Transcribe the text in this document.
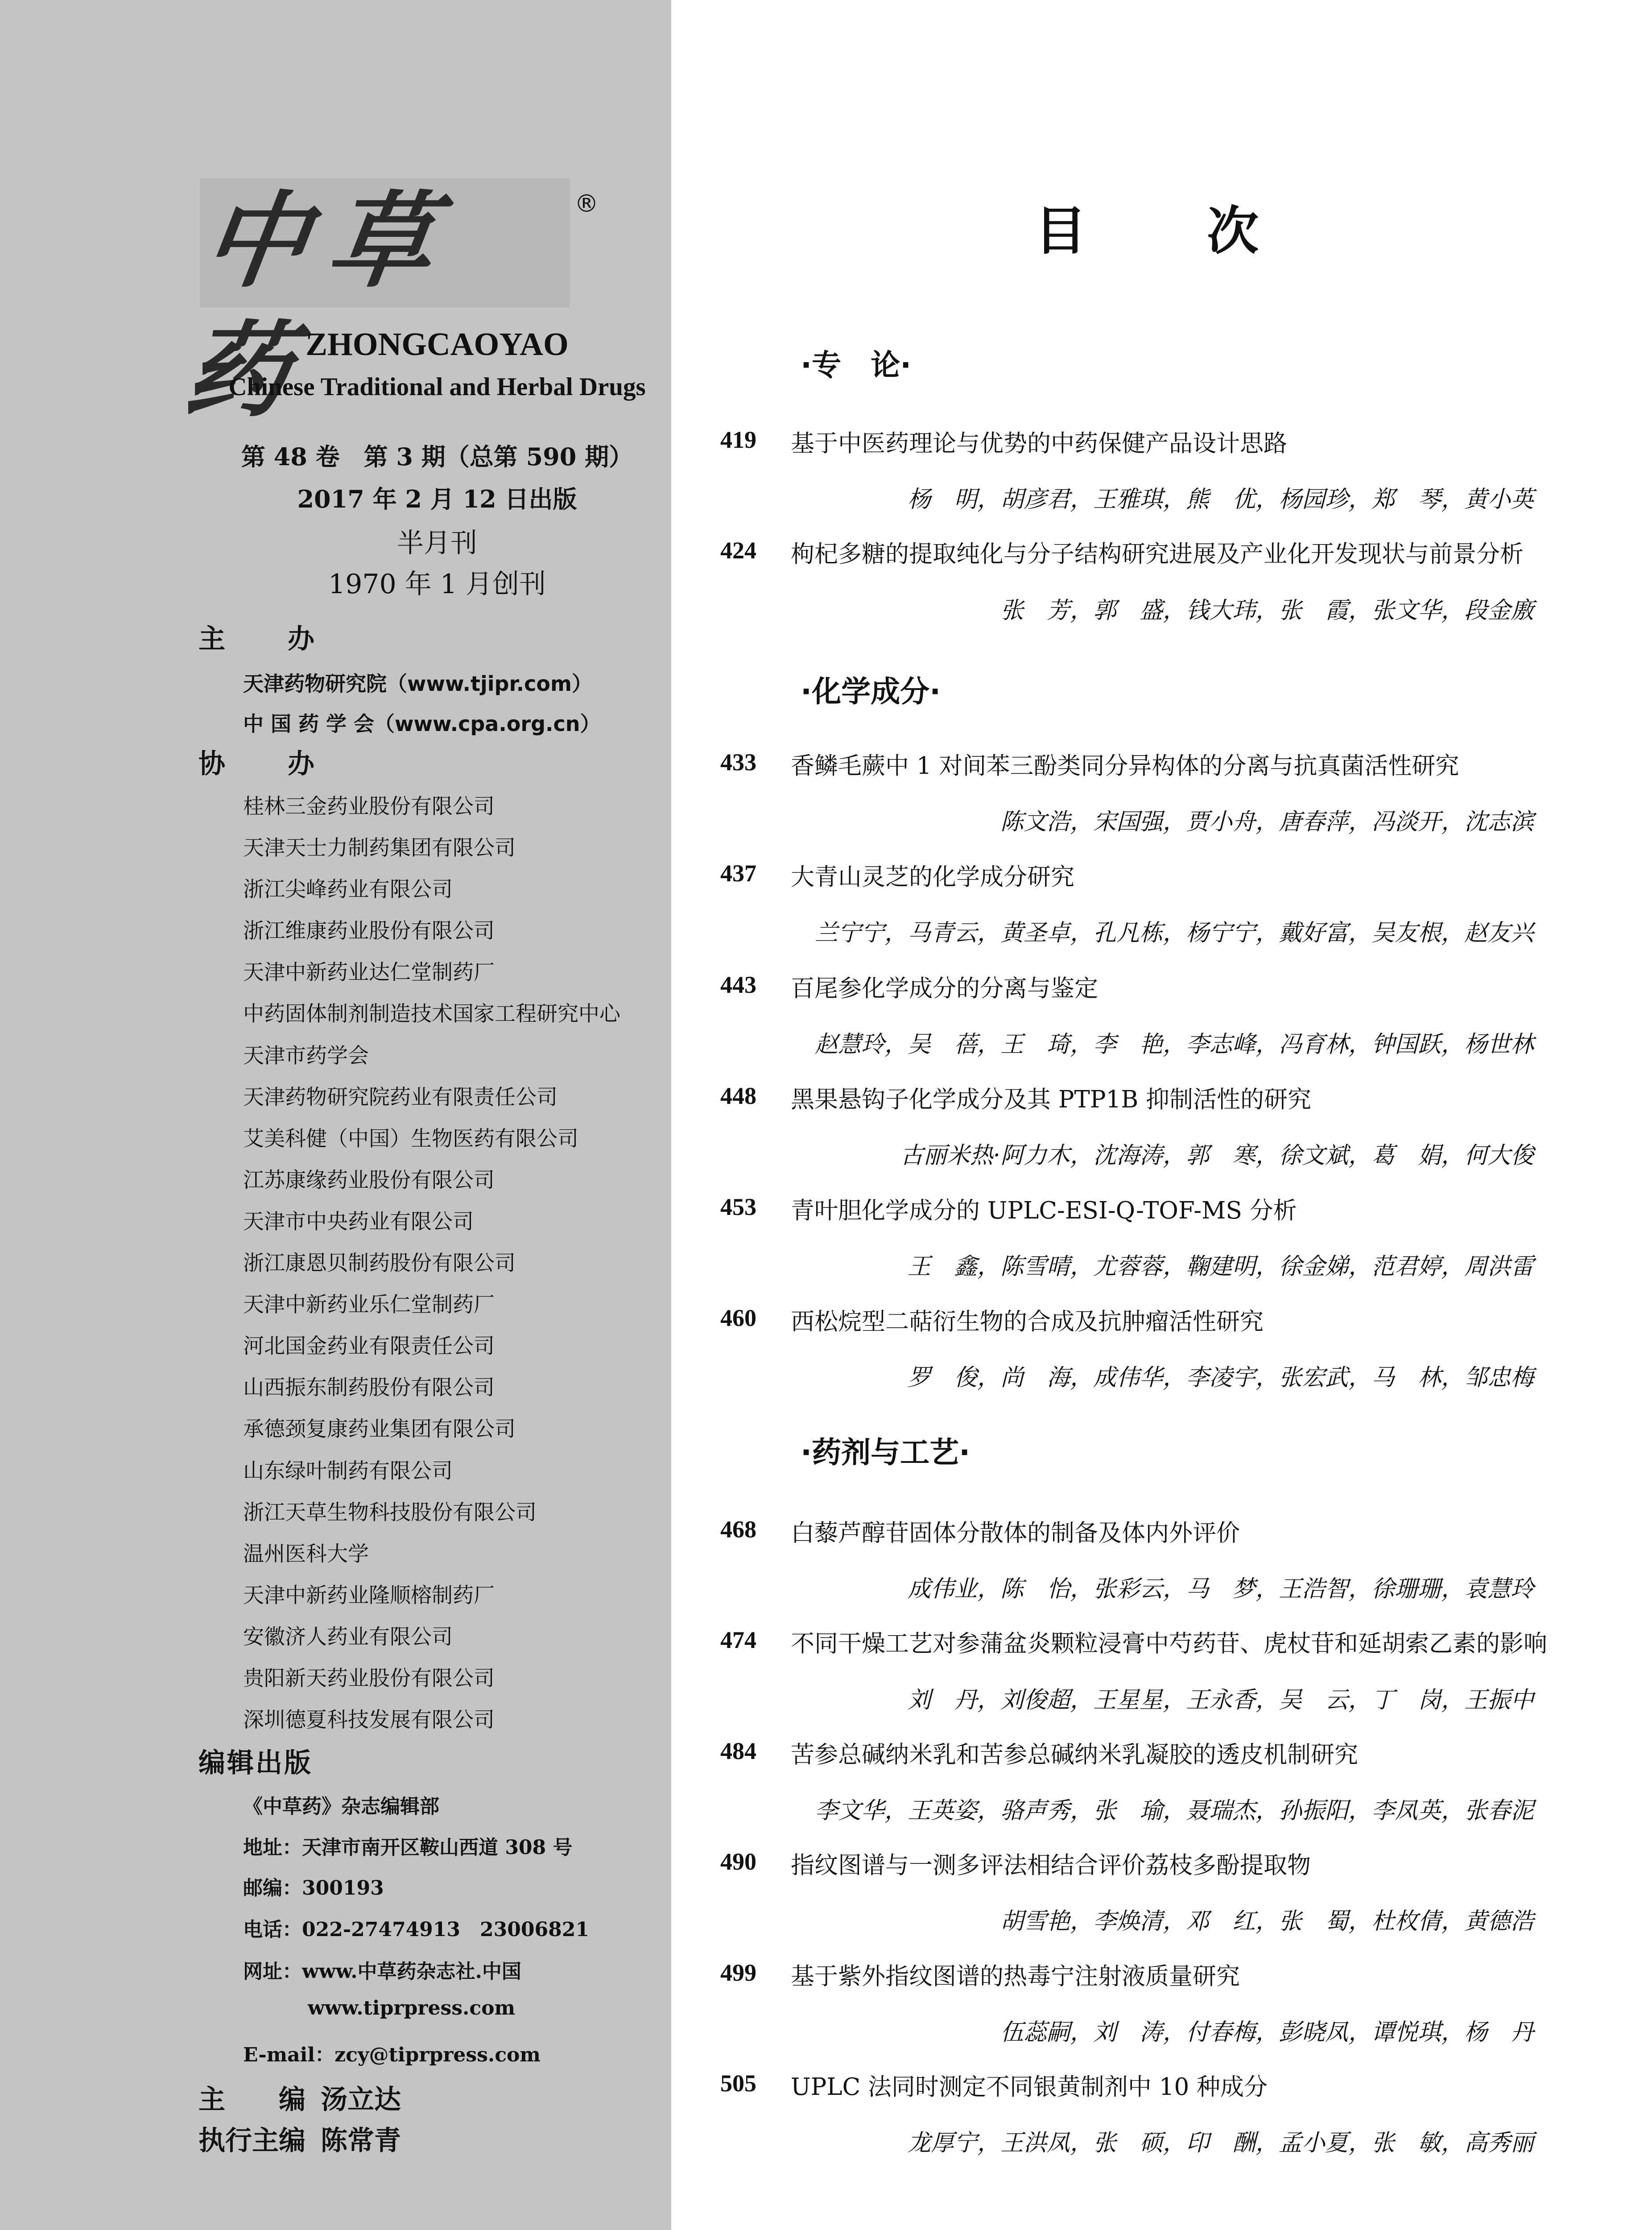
中草药
®
ZHONGCAOYAO
Chinese Traditional and Herbal Drugs
第 48 卷　第 3 期（总第 590 期）
2017 年 2 月 12 日出版
半月刊
1970 年 1 月创刊
主办
天津药物研究院（www.tjipr.com）
中 国 药 学 会（www.cpa.org.cn）
协办
桂林三金药业股份有限公司
天津天士力制药集团有限公司
浙江尖峰药业有限公司
浙江维康药业股份有限公司
天津中新药业达仁堂制药厂
中药固体制剂制造技术国家工程研究中心
天津市药学会
天津药物研究院药业有限责任公司
艾美科健（中国）生物医药有限公司
江苏康缘药业股份有限公司
天津市中央药业有限公司
浙江康恩贝制药股份有限公司
天津中新药业乐仁堂制药厂
河北国金药业有限责任公司
山西振东制药股份有限公司
承德颈复康药业集团有限公司
山东绿叶制药有限公司
浙江天草生物科技股份有限公司
温州医科大学
天津中新药业隆顺榕制药厂
安徽济人药业有限公司
贵阳新天药业股份有限公司
深圳德夏科技发展有限公司
编辑出版
《中草药》杂志编辑部
地址：天津市南开区鞍山西道 308 号
邮编：300193
电话：022-27474913　23006821
网址：www.中草药杂志社.中国
www.tiprpress.com
E-mail：zcy@tiprpress.com
主　　编 汤立达
执行主编 陈常青
目次
·专　论·
419 基于中医药理论与优势的中药保健产品设计思路
杨　明，胡彦君，王雅琪，熊　优，杨园珍，郑　琴，黄小英
424 枸杞多糖的提取纯化与分子结构研究进展及产业化开发现状与前景分析
张　芳，郭　盛，钱大玮，张　霞，张文华，段金廒
·化学成分·
433 香鳞毛蕨中 1 对间苯三酚类同分异构体的分离与抗真菌活性研究
陈文浩，宋国强，贾小舟，唐春萍，冯淡开，沈志滨
437 大青山灵芝的化学成分研究
兰宁宁，马青云，黄圣卓，孔凡栋，杨宁宁，戴好富，吴友根，赵友兴
443 百尾参化学成分的分离与鉴定
赵慧玲，吴　蓓，王　琦，李　艳，李志峰，冯育林，钟国跃，杨世林
448 黑果悬钩子化学成分及其 PTP1B 抑制活性的研究
古丽米热·阿力木，沈海涛，郭　寒，徐文斌，葛　娟，何大俊
453 青叶胆化学成分的 UPLC-ESI-Q-TOF-MS 分析
王　鑫，陈雪晴，尤蓉蓉，鞠建明，徐金娣，范君婷，周洪雷
460 西松烷型二萜衍生物的合成及抗肿瘤活性研究
罗　俊，尚　海，成伟华，李凌宇，张宏武，马　林，邹忠梅
·药剂与工艺·
468 白藜芦醇苷固体分散体的制备及体内外评价
成伟业，陈　怡，张彩云，马　梦，王浩智，徐珊珊，袁慧玲
474 不同干燥工艺对参蒲盆炎颗粒浸膏中芍药苷、虎杖苷和延胡索乙素的影响
刘　丹，刘俊超，王星星，王永香，吴　云，丁　岗，王振中
484 苦参总碱纳米乳和苦参总碱纳米乳凝胶的透皮机制研究
李文华，王英姿，骆声秀，张　瑜，聂瑞杰，孙振阳，李凤英，张春泥
490 指纹图谱与一测多评法相结合评价荔枝多酚提取物
胡雪艳，李焕清，邓　红，张　蜀，杜枚倩，黄德浩
499 基于紫外指纹图谱的热毒宁注射液质量研究
伍蕊嗣，刘　涛，付春梅，彭晓凤，谭悦琪，杨　丹
505 UPLC 法同时测定不同银黄制剂中 10 种成分
龙厚宁，王洪凤，张　硕，印　酬，孟小夏，张　敏，高秀丽
